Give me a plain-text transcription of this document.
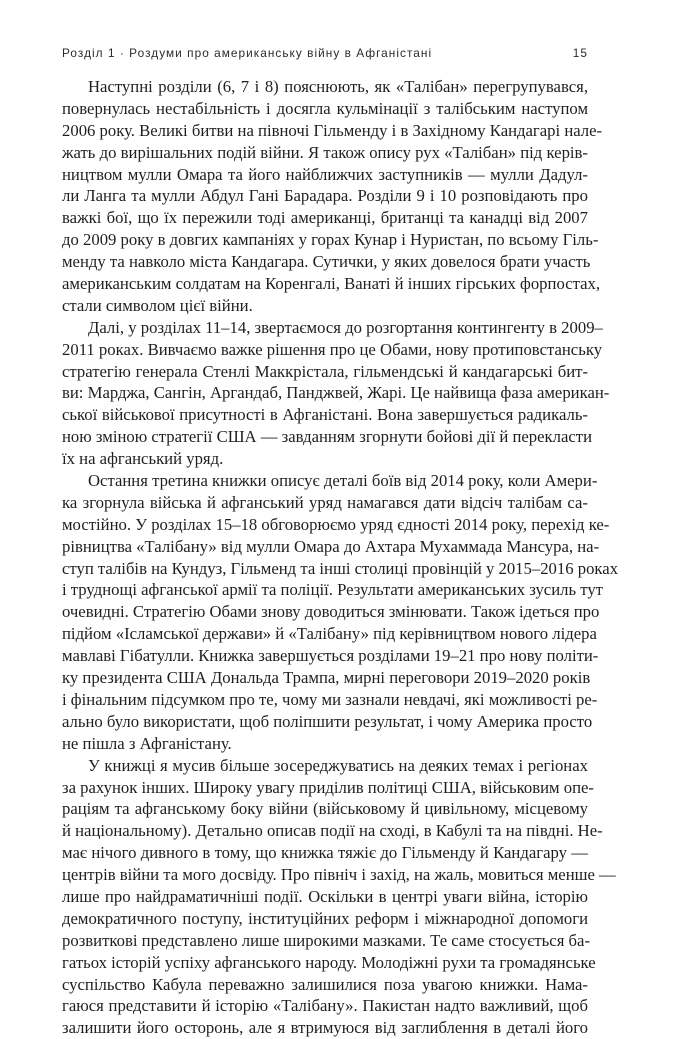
Розділ 1 · Роздуми про американську війну в Афганістані	15
Наступні розділи (6, 7 і 8) пояснюють, як «Талібан» перегрупувався,
повернулась нестабільність і досягла кульмінації з талібським наступом
2006 року. Великі битви на півночі Гільменду і в Західному Кандагарі нале-
жать до вирішальних подій війни. Я також опису рух «Талібан» під керів-
ництвом мулли Омара та його найближчих заступників — мулли Дадул-
ли Ланга та мулли Абдул Гані Барадара. Розділи 9 і 10 розповідають про
важкі бої, що їх пережили тоді американці, британці та канадці від 2007
до 2009 року в довгих кампаніях у горах Кунар і Нуристан, по всьому Гіль-
менду та навколо міста Кандагара. Сутички, у яких довелося брати участь
американським солдатам на Коренгалі, Ванаті й інших гірських форпостах,
стали символом цієї війни.
Далі, у розділах 11–14, звертаємося до розгортання контингенту в 2009–
2011 роках. Вивчаємо важке рішення про це Обами, нову протиповстанську
стратегію генерала Стенлі Маккрістала, гільмендські й кандагарські бит-
ви: Марджа, Сангін, Аргандаб, Панджвей, Жарі. Це найвища фаза американ-
ської військової присутності в Афганістані. Вона завершується радикаль-
ною зміною стратегії США — завданням згорнути бойові дії й перекласти
їх на афганський уряд.
Остання третина книжки описує деталі боїв від 2014 року, коли Амери-
ка згорнула війська й афганський уряд намагався дати відсіч талібам са-
мостійно. У розділах 15–18 обговорюємо уряд єдності 2014 року, перехід ке-
рівництва «Талібану» від мулли Омара до Ахтара Мухаммада Мансура, на-
ступ талібів на Кундуз, Гільменд та інші столиці провінцій у 2015–2016 роках
і труднощі афганської армії та поліції. Результати американських зусиль тут
очевидні. Стратегію Обами знову доводиться змінювати. Також ідеться про
підйом «Ісламської держави» й «Талібану» під керівництвом нового лідера
мавлаві Гібатулли. Книжка завершується розділами 19–21 про нову політи-
ку президента США Дональда Трампа, мирні переговори 2019–2020 років
і фінальним підсумком про те, чому ми зазнали невдачі, які можливості ре-
ально було використати, щоб поліпшити результат, і чому Америка просто
не пішла з Афганістану.
У книжці я мусив більше зосереджуватись на деяких темах і регіонах
за рахунок інших. Широку увагу приділив політиці США, військовим опе-
раціям та афганському боку війни (військовому й цивільному, місцевому
й національному). Детально описав події на сході, в Кабулі та на півдні. Не-
має нічого дивного в тому, що книжка тяжіє до Гільменду й Кандагару —
центрів війни та мого досвіду. Про північ і захід, на жаль, мовиться менше —
лише про найдраматичніші події. Оскільки в центрі уваги війна, історію
демократичного поступу, інституційних реформ і міжнародної допомоги
розвиткові представлено лише широкими мазками. Те саме стосується ба-
гатьох історій успіху афганського народу. Молодіжні рухи та громадянське
суспільство Кабула переважно залишилися поза увагою книжки. Нама-
гаюся представити й історію «Талібану». Пакистан надто важливий, щоб
залишити його осторонь, але я втримуюся від заглиблення в деталі його
